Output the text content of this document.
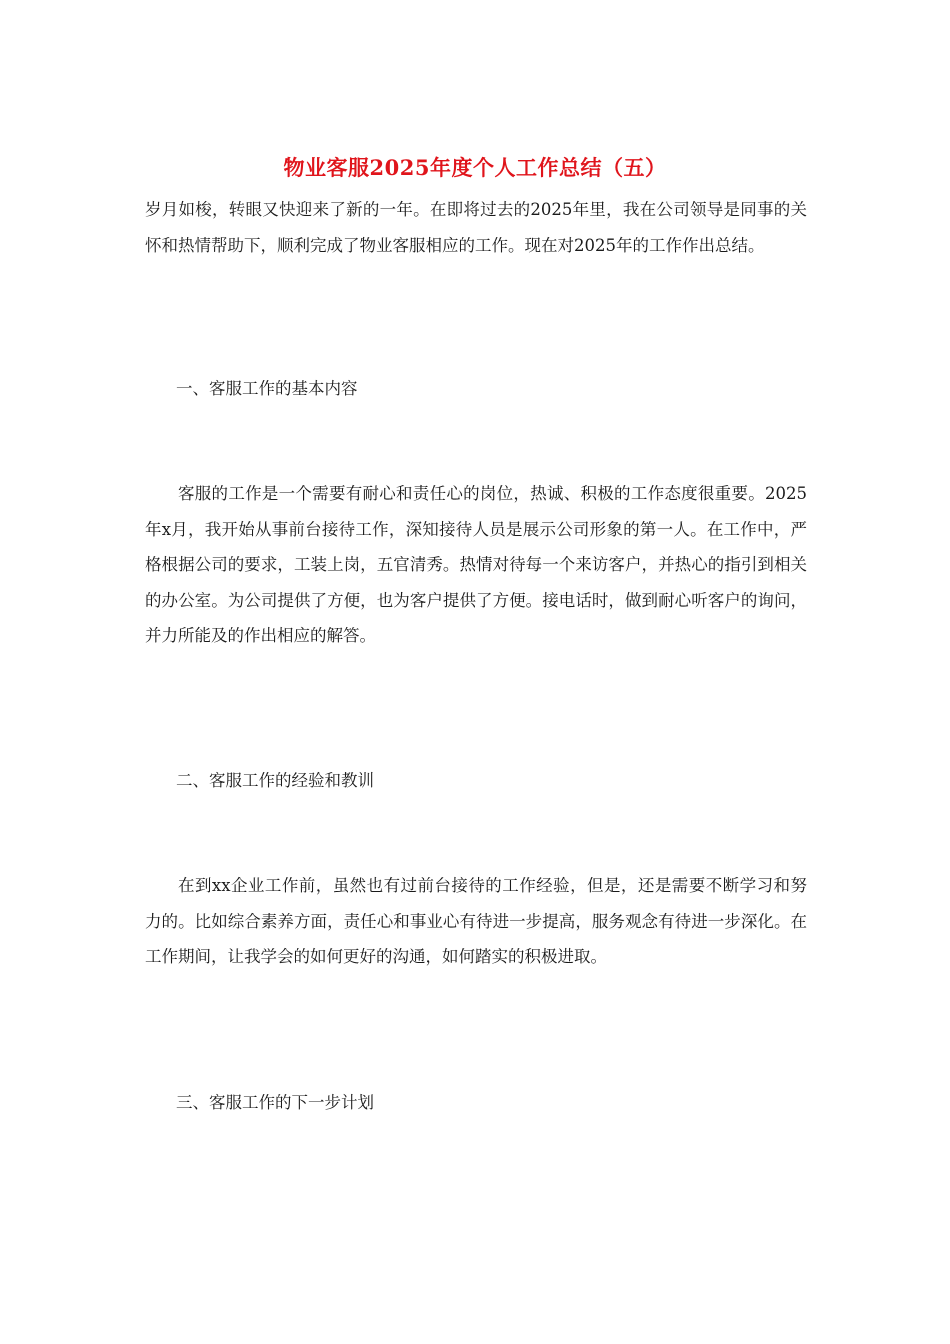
物业客服2025年度个人工作总结（五）

岁月如梭，转眼又快迎来了新的一年。在即将过去的2025年里，我在公司领导是同事的关怀和热情帮助下，顺利完成了物业客服相应的工作。现在对2025年的工作作出总结。

一、客服工作的基本内容

客服的工作是一个需要有耐心和责任心的岗位，热诚、积极的工作态度很重要。2025年x月，我开始从事前台接待工作，深知接待人员是展示公司形象的第一人。在工作中，严格根据公司的要求，工装上岗，五官清秀。热情对待每一个来访客户，并热心的指引到相关的办公室。为公司提供了方便，也为客户提供了方便。接电话时，做到耐心听客户的询问，并力所能及的作出相应的解答。

二、客服工作的经验和教训

在到xx企业工作前，虽然也有过前台接待的工作经验，但是，还是需要不断学习和努力的。比如综合素养方面，责任心和事业心有待进一步提高，服务观念有待进一步深化。在工作期间，让我学会的如何更好的沟通，如何踏实的积极进取。

三、客服工作的下一步计划
